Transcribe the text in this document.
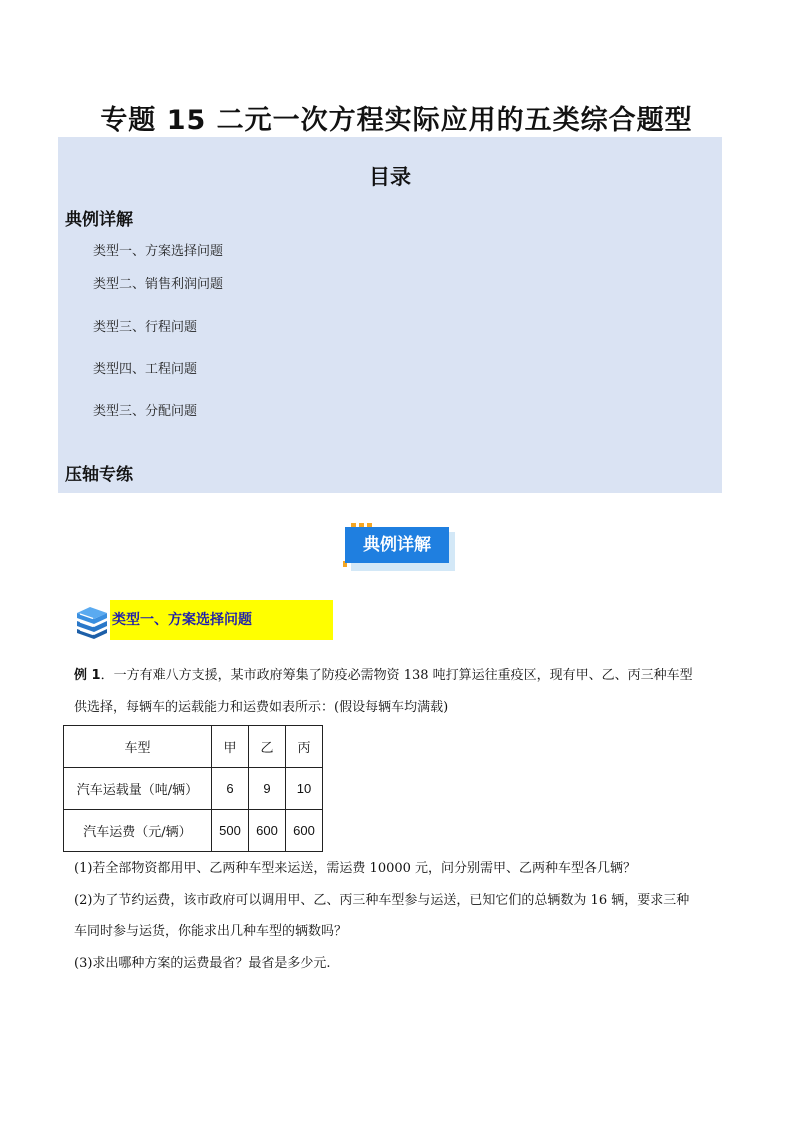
专题 15 二元一次方程实际应用的五类综合题型
目录
典例详解
类型一、方案选择问题
类型二、销售利润问题
类型三、行程问题
类型四、工程问题
类型三、分配问题
压轴专练
典例详解
类型一、方案选择问题
例 1．一方有难八方支援，某市政府筹集了防疫必需物资 138 吨打算运往重疫区，现有甲、乙、丙三种车型
供选择，每辆车的运载能力和运费如表所示：(假设每辆车均满载)
车型	甲	乙	丙
汽车运载量（吨/辆）	6	9	10
汽车运费（元/辆）	500	600	600
(1)若全部物资都用甲、乙两种车型来运送，需运费 10000 元，问分别需甲、乙两种车型各几辆？
(2)为了节约运费，该市政府可以调用甲、乙、丙三种车型参与运送，已知它们的总辆数为 16 辆，要求三种
车同时参与运货，你能求出几种车型的辆数吗？
(3)求出哪种方案的运费最省？最省是多少元.
